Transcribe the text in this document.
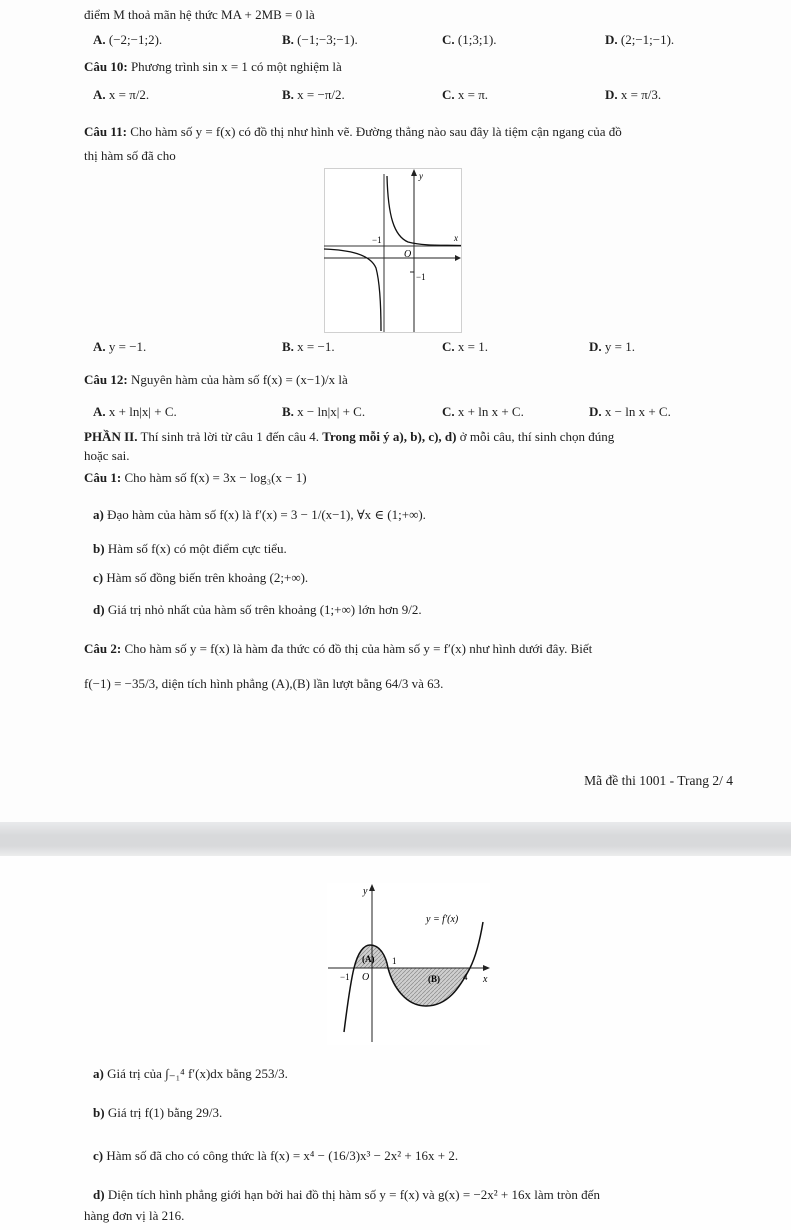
điểm M thoả mãn hệ thức MA + 2MB = 0 là
A. (−2;−1;2).	B. (−1;−3;−1).	C. (1;3;1).	D. (2;−1;−1).
Câu 10: Phương trình sin x = 1 có một nghiệm là
A. x = π/2.	B. x = −π/2.	C. x = π.	D. x = π/3.
Câu 11: Cho hàm số y = f(x) có đồ thị như hình vẽ. Đường thẳng nào sau đây là tiệm cận ngang của đồ
thị hàm số đã cho
y
x
O
−1
−1
A. y = −1.	B. x = −1.	C. x = 1.	D. y = 1.
Câu 12: Nguyên hàm của hàm số f(x) = (x−1)/x là
A. x + ln|x| + C.	B. x − ln|x| + C.	C. x + ln x + C.	D. x − ln x + C.
PHẦN II. Thí sinh trả lời từ câu 1 đến câu 4. Trong mỗi ý a), b), c), d) ở mỗi câu, thí sinh chọn đúng
hoặc sai.
Câu 1: Cho hàm số f(x) = 3x − log₃(x − 1)
a) Đạo hàm của hàm số f(x) là f′(x) = 3 − 1/(x−1), ∀x ∈ (1;+∞).
b) Hàm số f(x) có một điểm cực tiểu.
c) Hàm số đồng biến trên khoảng (2;+∞).
d) Giá trị nhỏ nhất của hàm số trên khoảng (1;+∞) lớn hơn 9/2.
Câu 2: Cho hàm số y = f(x) là hàm đa thức có đồ thị của hàm số y = f′(x) như hình dưới đây. Biết
f(−1) = −35/3, diện tích hình phẳng (A),(B) lần lượt bằng 64/3 và 63.
Mã đề thi 1001 - Trang 2/ 4
y
x
y = f′(x)
(A)
(B)
O
−1
1
4
a) Giá trị của ∫₋₁⁴ f′(x)dx bằng 253/3.
b) Giá trị f(1) bằng 29/3.
c) Hàm số đã cho có công thức là f(x) = x⁴ − (16/3)x³ − 2x² + 16x + 2.
d) Diện tích hình phẳng giới hạn bởi hai đồ thị hàm số y = f(x) và g(x) = −2x² + 16x làm tròn đến
hàng đơn vị là 216.
